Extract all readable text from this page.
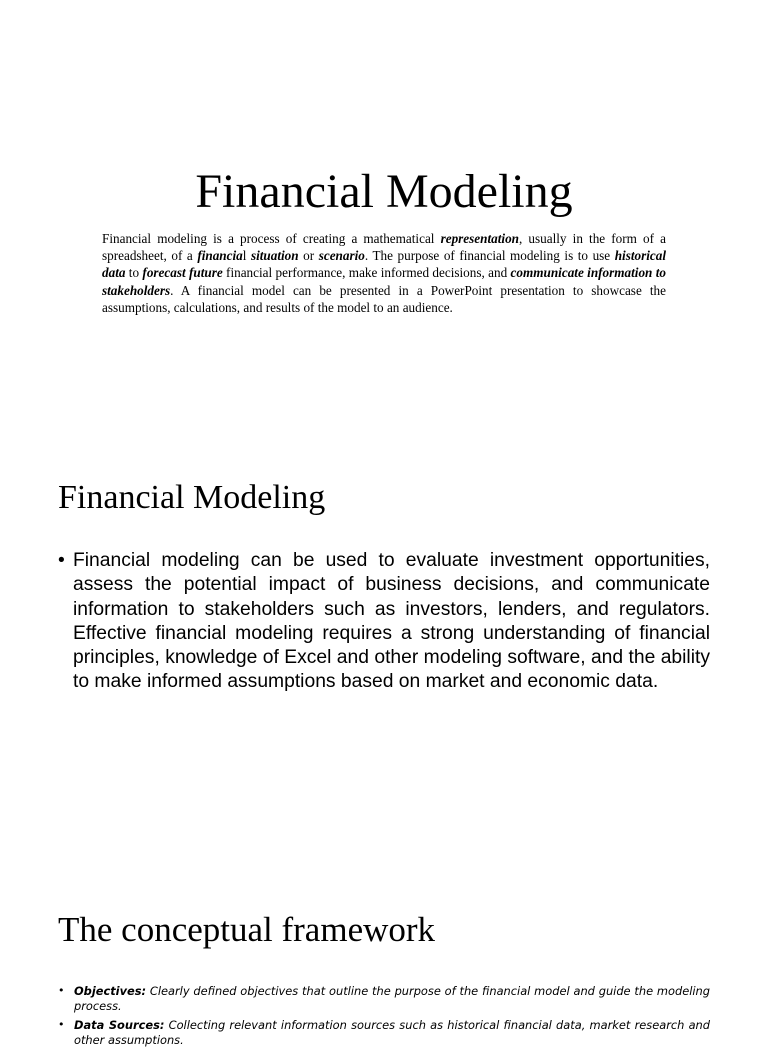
Financial Modeling

Financial modeling is a process of creating a mathematical representation, usually in the form of a spreadsheet, of a financial situation or scenario. The purpose of financial modeling is to use historical data to forecast future financial performance, make informed decisions, and communicate information to stakeholders. A financial model can be presented in a PowerPoint presentation to showcase the assumptions, calculations, and results of the model to an audience.

Financial Modeling
• Financial modeling can be used to evaluate investment opportunities, assess the potential impact of business decisions, and communicate information to stakeholders such as investors, lenders, and regulators. Effective financial modeling requires a strong understanding of financial principles, knowledge of Excel and other modeling software, and the ability to make informed assumptions based on market and economic data.
The conceptual framework
• Objectives: Clearly defined objectives that outline the purpose of the financial model and guide the modeling process.
• Data Sources: Collecting relevant information sources such as historical financial data, market research and other assumptions.
